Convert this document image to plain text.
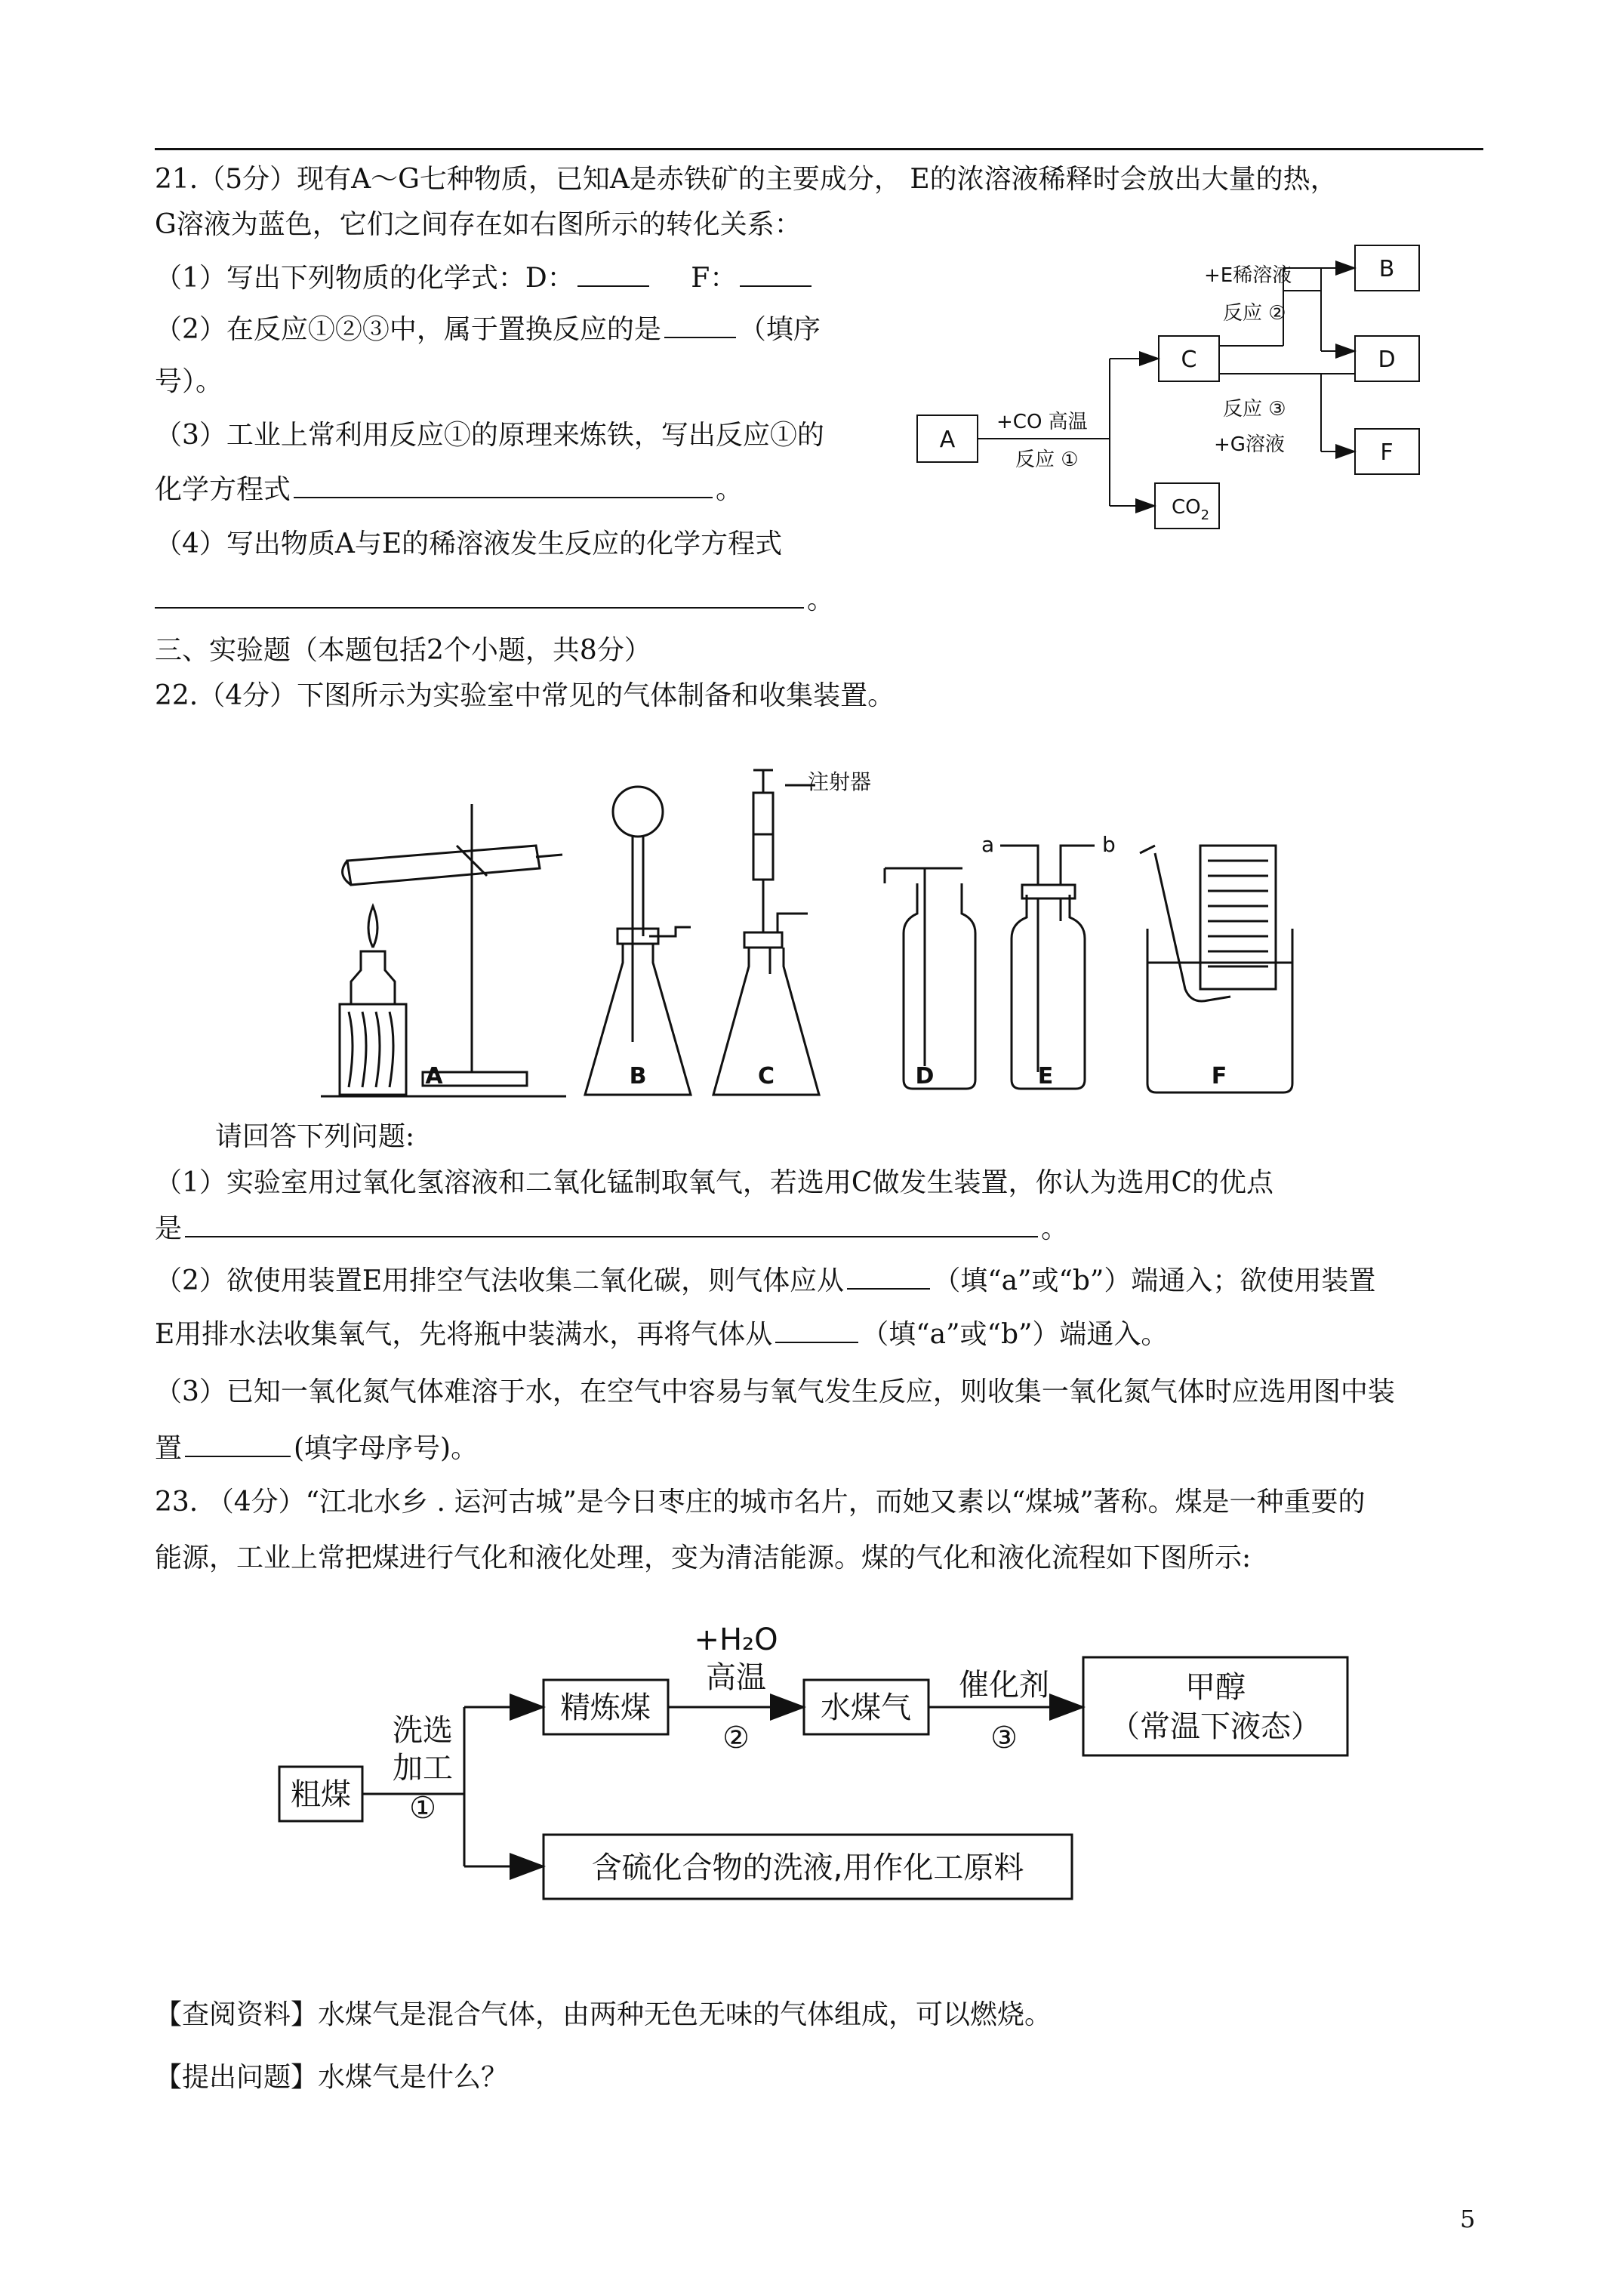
21.（5分）现有A～G七种物质，已知A是赤铁矿的主要成分， E的浓溶液稀释时会放出大量的热，
G溶液为蓝色，它们之间存在如右图所示的转化关系：
（1）写出下列物质的化学式：D：	F：
（2）在反应①②③中，属于置换反应的是	（填序
号）。
（3）工业上常利用反应①的原理来炼铁，写出反应①的
化学方程式	。
（4）写出物质A与E的稀溶液发生反应的化学方程式
。
A
C
B
D
F
$CO_2$
+CO 高温
反应 ①
+E稀溶液
反应 ②
反应 ③
+G溶液
三、实验题（本题包括2个小题，共8分）
22.（4分）下图所示为实验室中常见的气体制备和收集装置。
注射器
a	b
A	B	C	D	E	F
请回答下列问题:
（1）实验室用过氧化氢溶液和二氧化锰制取氧气，若选用C做发生装置，你认为选用C的优点
是	。
（2）欲使用装置E用排空气法收集二氧化碳，则气体应从	（填“a”或“b”）端通入；欲使用装置
E用排水法收集氧气，先将瓶中装满水，再将气体从	（填“a”或“b”）端通入。
（3）已知一氧化氮气体难溶于水，在空气中容易与氧气发生反应，则收集一氧化氮气体时应选用图中装
置	(填字母序号)。
23. （4分）“江北水乡 . 运河古城”是今日枣庄的城市名片，而她又素以“煤城”著称。煤是一种重要的
能源，工业上常把煤进行气化和液化处理，变为清洁能源。煤的气化和液化流程如下图所示:
粗煤
洗选
加工
①
精炼煤
+H₂O
高温
②
水煤气
催化剂
③
甲醇
（常温下液态）
含硫化合物的洗液,用作化工原料
【查阅资料】水煤气是混合气体，由两种无色无味的气体组成，可以燃烧。
【提出问题】水煤气是什么？
5
